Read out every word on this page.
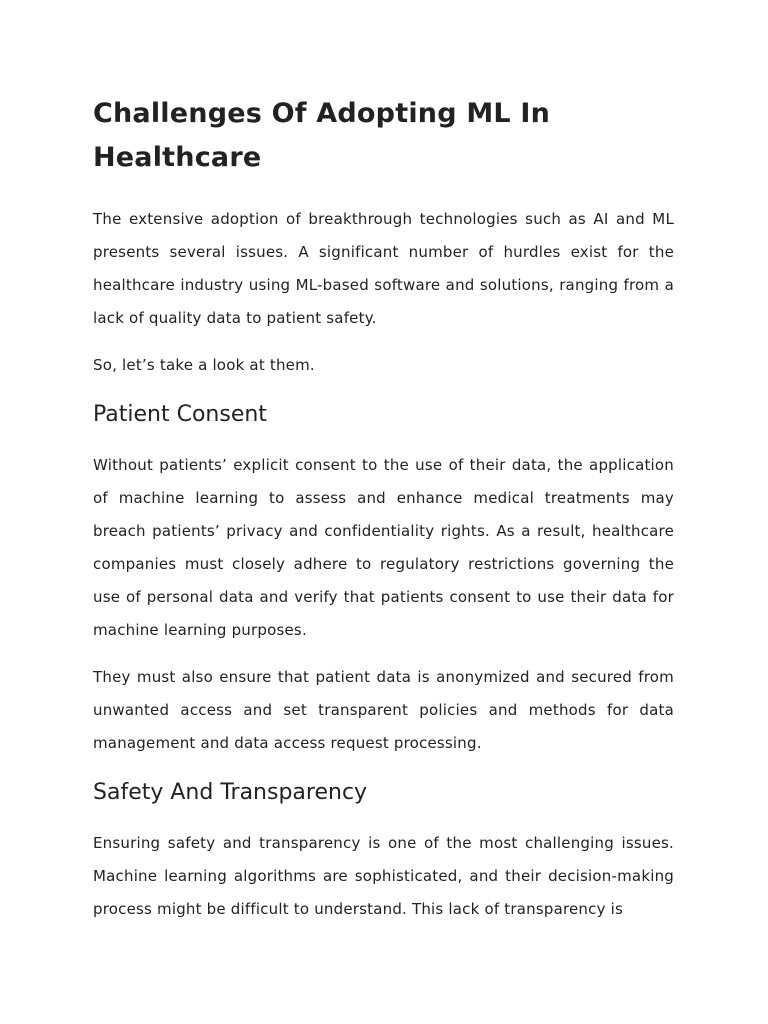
Challenges Of Adopting ML In Healthcare

The extensive adoption of breakthrough technologies such as AI and ML presents several issues. A significant number of hurdles exist for the healthcare industry using ML-based software and solutions, ranging from a lack of quality data to patient safety.

So, let’s take a look at them.

Patient Consent

Without patients’ explicit consent to the use of their data, the application of machine learning to assess and enhance medical treatments may breach patients’ privacy and confidentiality rights. As a result, healthcare companies must closely adhere to regulatory restrictions governing the use of personal data and verify that patients consent to use their data for machine learning purposes.

They must also ensure that patient data is anonymized and secured from unwanted access and set transparent policies and methods for data management and data access request processing.

Safety And Transparency

Ensuring safety and transparency is one of the most challenging issues. Machine learning algorithms are sophisticated, and their decision-making process might be difficult to understand. This lack of transparency is
